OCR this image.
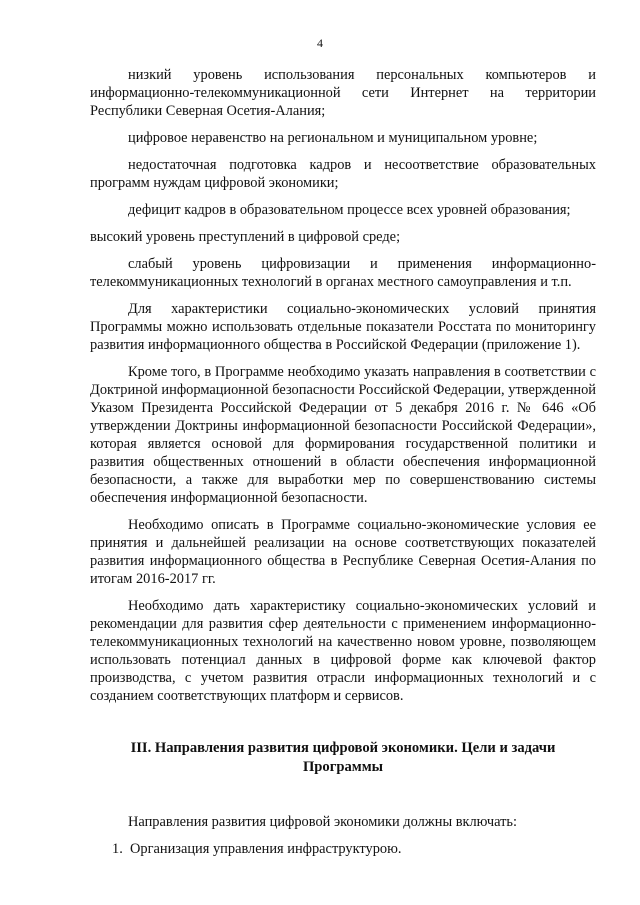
4

низкий уровень использования персональных компьютеров и информационно-телекоммуникационной сети Интернет на территории Республики Северная Осетия-Алания;

цифровое неравенство на региональном и муниципальном уровне;

недостаточная подготовка кадров и несоответствие образовательных программ нуждам цифровой экономики;

дефицит кадров в образовательном процессе всех уровней образования;

высокий уровень преступлений в цифровой среде;

слабый уровень цифровизации и применения информационно-телекоммуникационных технологий в органах местного самоуправления и т.п.

Для характеристики социально-экономических условий принятия Программы можно использовать отдельные показатели Росстата по мониторингу развития информационного общества в Российской Федерации (приложение 1).

Кроме того, в Программе необходимо указать направления в соответствии с Доктриной информационной безопасности Российской Федерации, утвержденной Указом Президента Российской Федерации от 5 декабря 2016 г. № 646 «Об утверждении Доктрины информационной безопасности Российской Федерации», которая является основой для формирования государственной политики и развития общественных отношений в области обеспечения информационной безопасности, а также для выработки мер по совершенствованию системы обеспечения информационной безопасности.

Необходимо описать в Программе социально-экономические условия ее принятия и дальнейшей реализации на основе соответствующих показателей развития информационного общества в Республике Северная Осетия-Алания по итогам 2016-2017 гг.

Необходимо дать характеристику социально-экономических условий и рекомендации для развития сфер деятельности с применением информационно-телекоммуникационных технологий на качественно новом уровне, позволяющем использовать потенциал данных в цифровой форме как ключевой фактор производства, с учетом развития отрасли информационных технологий и с созданием соответствующих платформ и сервисов.

III. Направления развития цифровой экономики. Цели и задачи Программы

Направления развития цифровой экономики должны включать:

1. Организация управления инфраструктурою.
